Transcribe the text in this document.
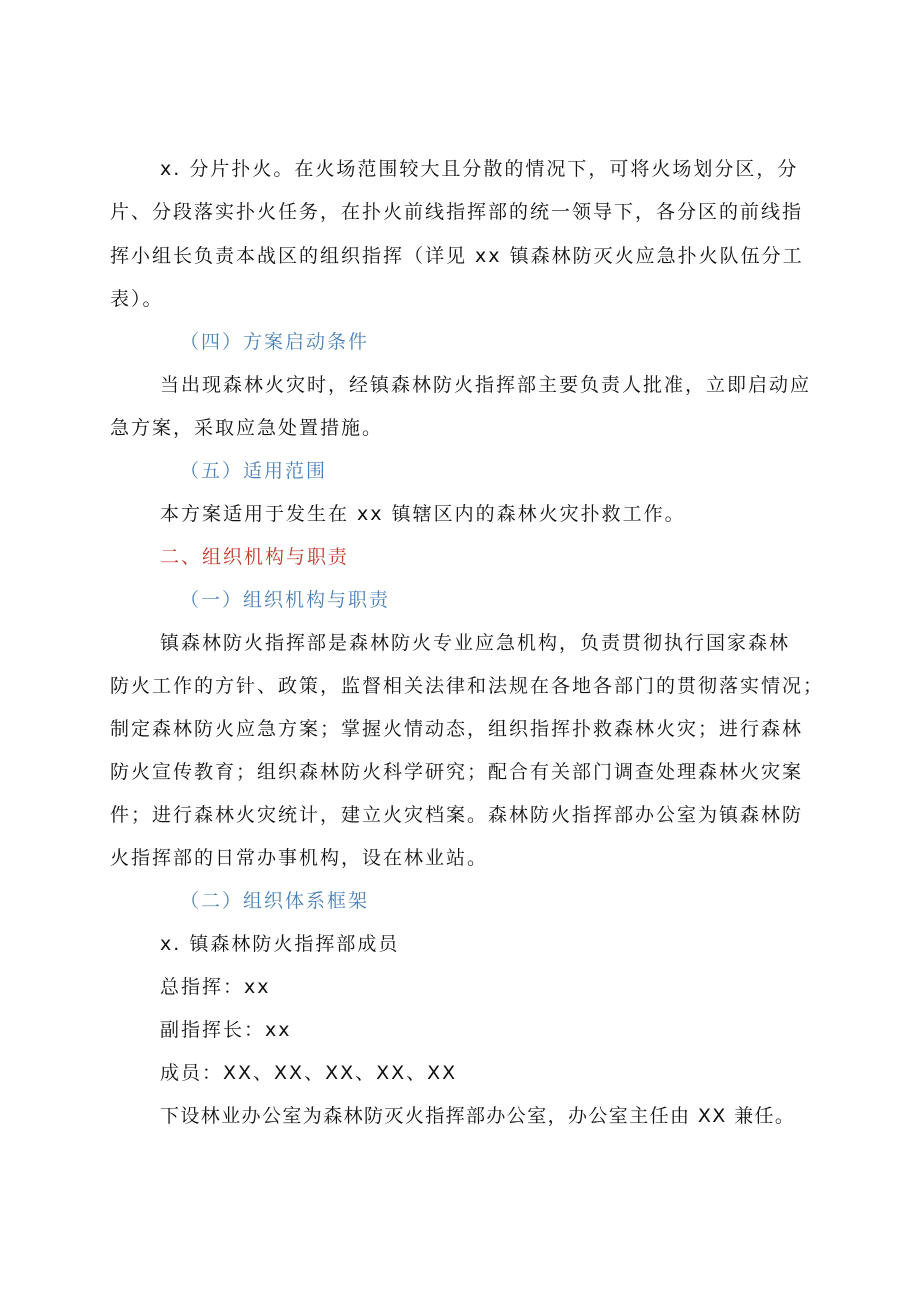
x. 分片扑火。在火场范围较大且分散的情况下，可将火场划分区，分
片、分段落实扑火任务，在扑火前线指挥部的统一领导下，各分区的前线指
挥小组长负责本战区的组织指挥（详见 xx 镇森林防灭火应急扑火队伍分工
表）。
（四）方案启动条件
当出现森林火灾时，经镇森林防火指挥部主要负责人批准，立即启动应
急方案，采取应急处置措施。
（五）适用范围
本方案适用于发生在 xx 镇辖区内的森林火灾扑救工作。
二、组织机构与职责
（一）组织机构与职责
镇森林防火指挥部是森林防火专业应急机构，负责贯彻执行国家森林
防火工作的方针、政策，监督相关法律和法规在各地各部门的贯彻落实情况；
制定森林防火应急方案；掌握火情动态，组织指挥扑救森林火灾；进行森林
防火宣传教育；组织森林防火科学研究；配合有关部门调查处理森林火灾案
件；进行森林火灾统计，建立火灾档案。森林防火指挥部办公室为镇森林防
火指挥部的日常办事机构，设在林业站。
（二）组织体系框架
x. 镇森林防火指挥部成员
总指挥：xx
副指挥长：xx
成员：XX、XX、XX、XX、XX
下设林业办公室为森林防灭火指挥部办公室，办公室主任由 XX 兼任。
